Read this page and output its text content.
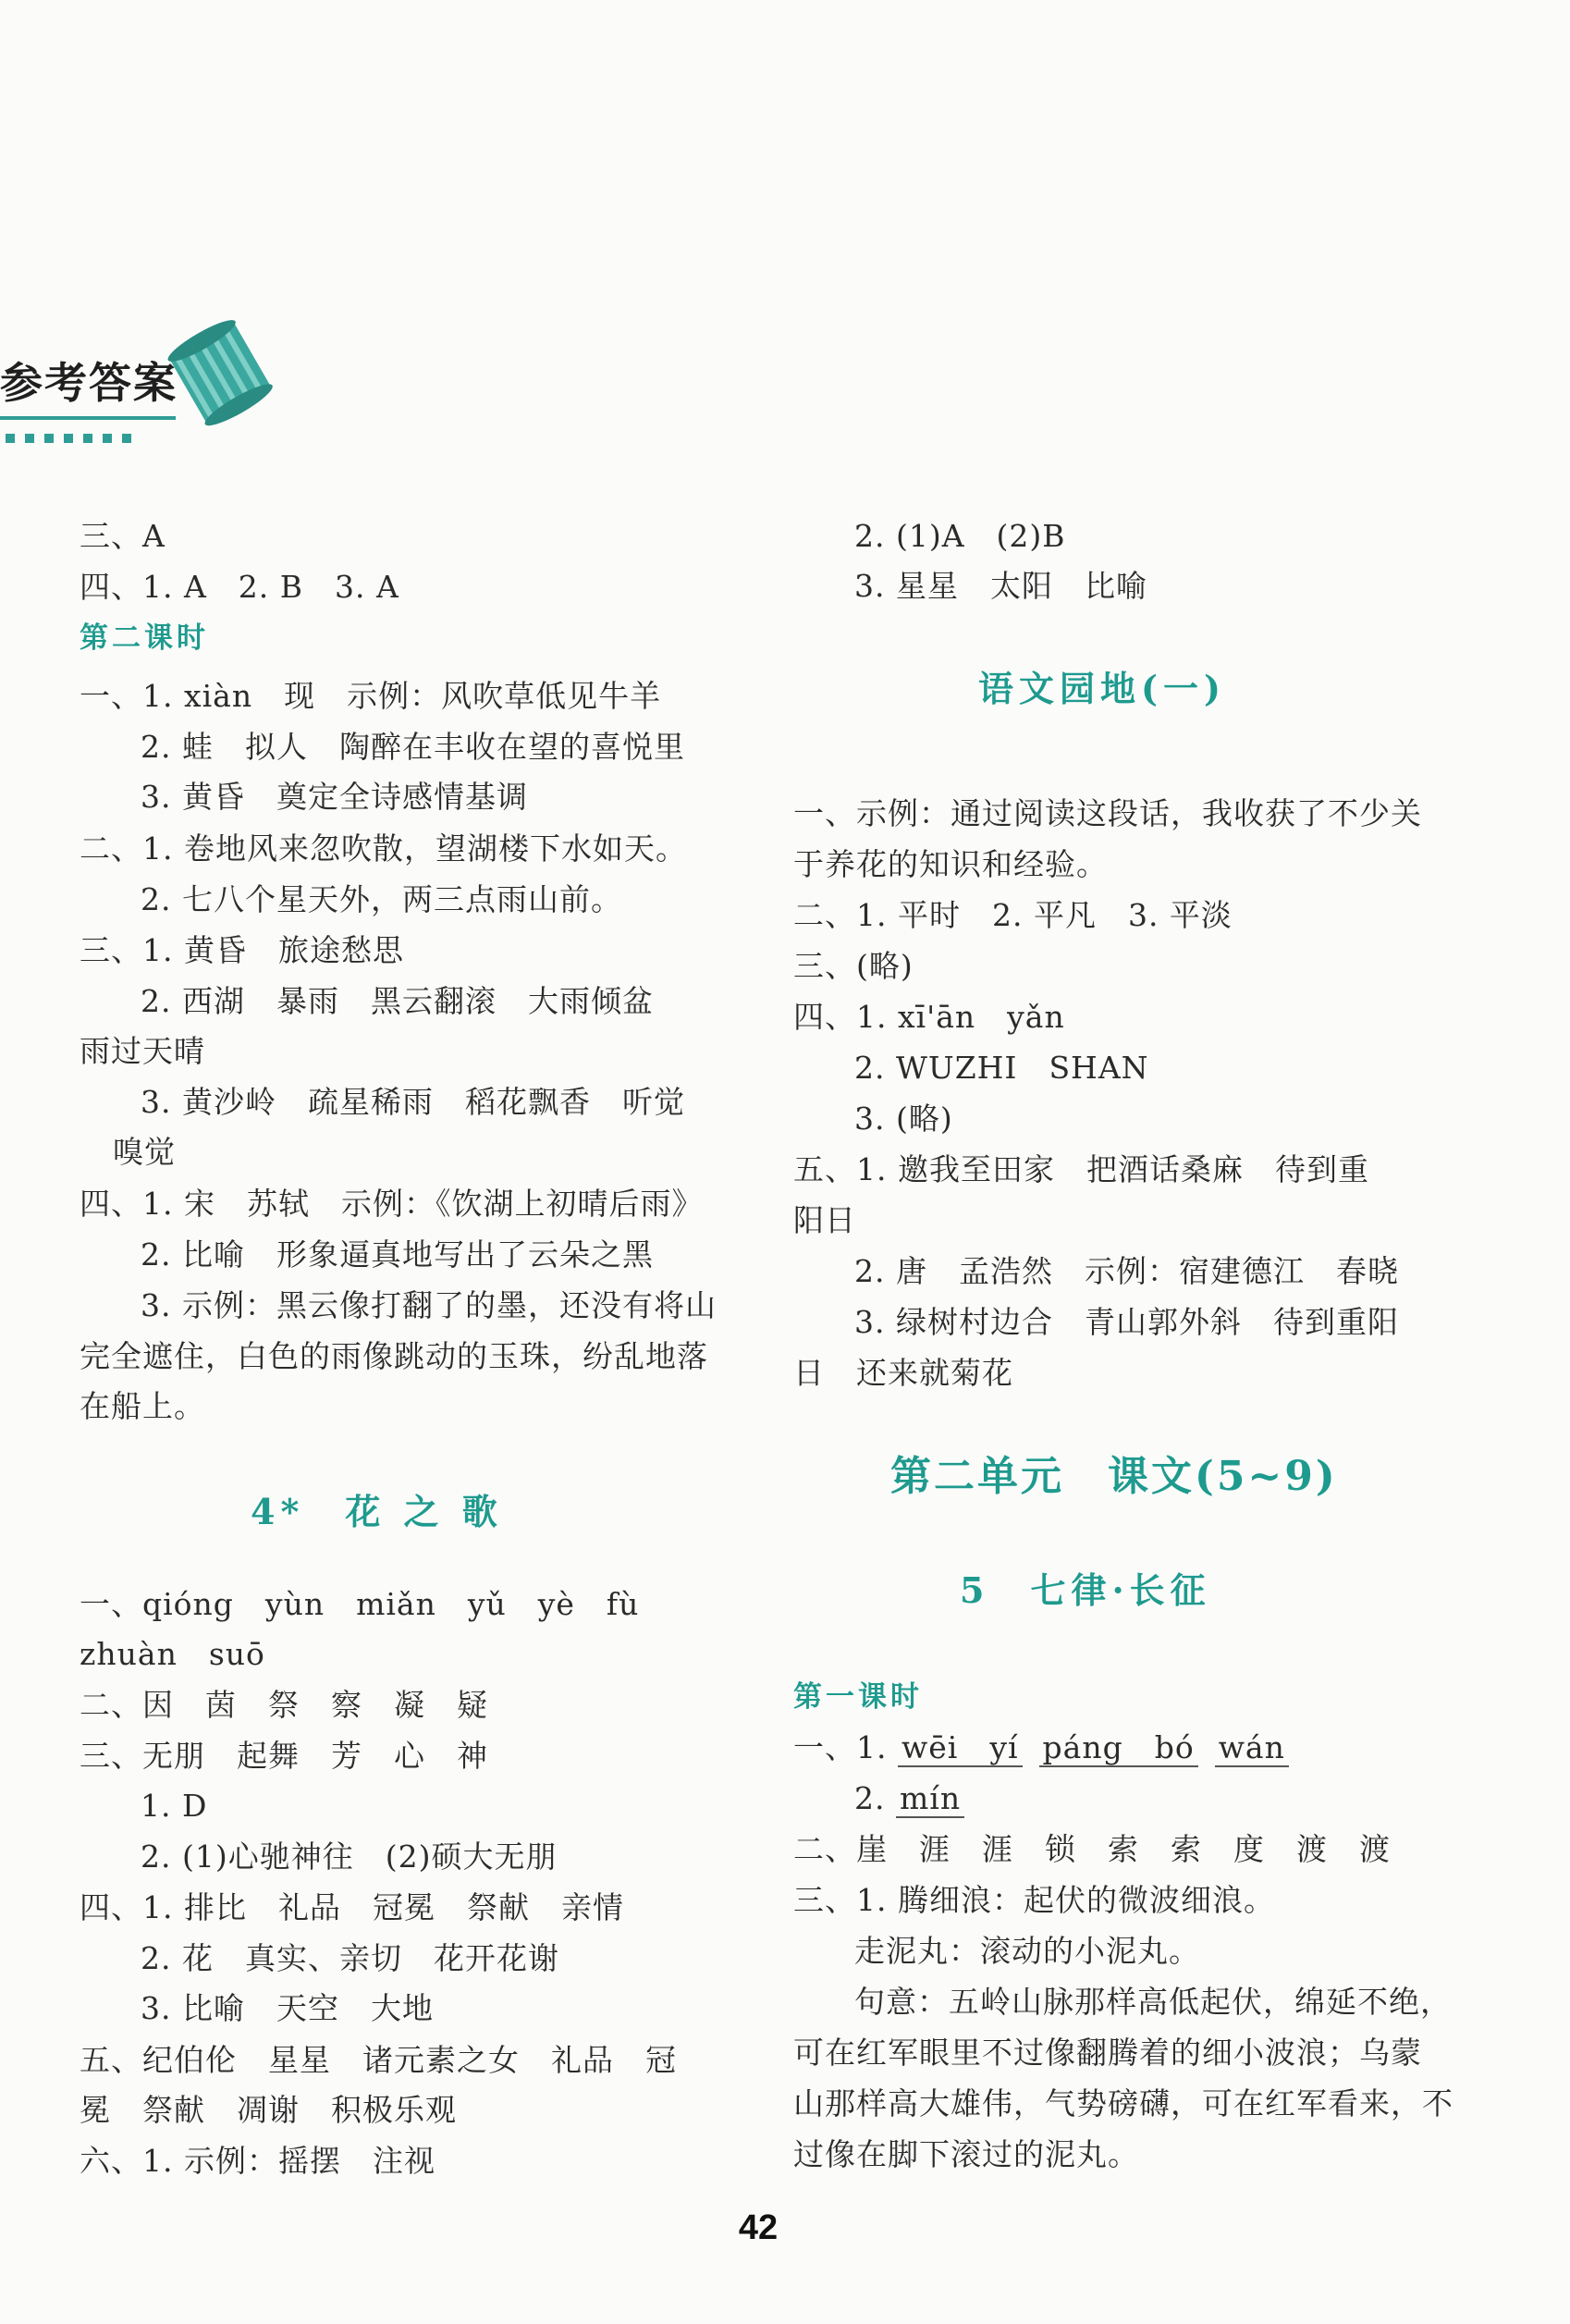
参考答案
三、A
四、1. A　2. B　3. A
第二课时
一、1. xiàn　现　示例：风吹草低见牛羊
2. 蛙　拟人　陶醉在丰收在望的喜悦里
3. 黄昏　奠定全诗感情基调
二、1. 卷地风来忽吹散，望湖楼下水如天。
2. 七八个星天外，两三点雨山前。
三、1. 黄昏　旅途愁思
2. 西湖　暴雨　黑云翻滚　大雨倾盆
雨过天晴
3. 黄沙岭　疏星稀雨　稻花飘香　听觉
嗅觉
四、1. 宋　苏轼　示例：《饮湖上初晴后雨》
2. 比喻　形象逼真地写出了云朵之黑
3. 示例：黑云像打翻了的墨，还没有将山
完全遮住，白色的雨像跳动的玉珠，纷乱地落
在船上。
4*　花 之 歌
一、qióng　yùn　miǎn　yǔ　yè　fù
zhuàn　suō
二、因　茵　祭　察　凝　疑
三、无朋　起舞　芳　心　神
1. D
2. (1)心驰神往　(2)硕大无朋
四、1. 排比　礼品　冠冕　祭献　亲情
2. 花　真实、亲切　花开花谢
3. 比喻　天空　大地
五、纪伯伦　星星　诸元素之女　礼品　冠
冕　祭献　凋谢　积极乐观
六、1. 示例：摇摆　注视
2. (1)A　(2)B
3. 星星　太阳　比喻
语文园地(一)
一、示例：通过阅读这段话，我收获了不少关
于养花的知识和经验。
二、1. 平时　2. 平凡　3. 平淡
三、(略)
四、1. xī'ān　yǎn
2. WUZHI　SHAN
3. (略)
五、1. 邀我至田家　把酒话桑麻　待到重
阳日
2. 唐　孟浩然　示例：宿建德江　春晓
3. 绿树村边合　青山郭外斜　待到重阳
日　还来就菊花
第二单元　课文(5~9)
5　七律·长征
第一课时
一、1. wēi　yí páng　bó wán
2. mín
二、崖　涯　涯　锁　索　索　度　渡　渡
三、1. 腾细浪：起伏的微波细浪。
走泥丸：滚动的小泥丸。
句意：五岭山脉那样高低起伏，绵延不绝，
可在红军眼里不过像翻腾着的细小波浪；乌蒙
山那样高大雄伟，气势磅礴，可在红军看来，不
过像在脚下滚过的泥丸。
42
